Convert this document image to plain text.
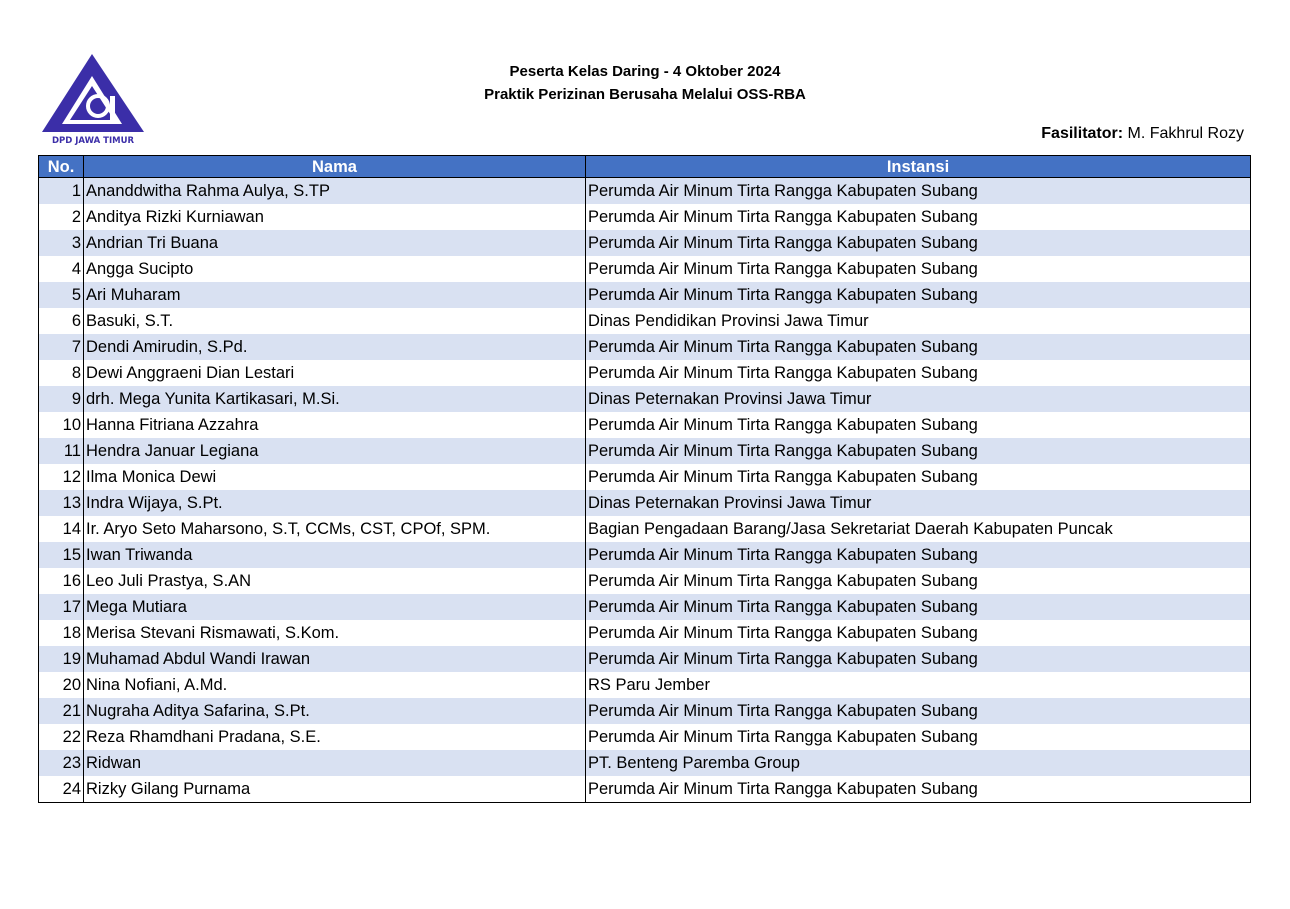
DPD JAWA TIMUR
Peserta Kelas Daring - 4 Oktober 2024
Praktik Perizinan Berusaha Melalui OSS-RBA
Fasilitator: M. Fakhrul Rozy
No.	Nama	Instansi
1	Ananddwitha Rahma Aulya, S.TP	Perumda Air Minum Tirta Rangga Kabupaten Subang
2	Anditya Rizki Kurniawan	Perumda Air Minum Tirta Rangga Kabupaten Subang
3	Andrian Tri Buana	Perumda Air Minum Tirta Rangga Kabupaten Subang
4	Angga Sucipto	Perumda Air Minum Tirta Rangga Kabupaten Subang
5	Ari Muharam	Perumda Air Minum Tirta Rangga Kabupaten Subang
6	Basuki, S.T.	Dinas Pendidikan Provinsi Jawa Timur
7	Dendi Amirudin, S.Pd.	Perumda Air Minum Tirta Rangga Kabupaten Subang
8	Dewi Anggraeni Dian Lestari	Perumda Air Minum Tirta Rangga Kabupaten Subang
9	drh. Mega Yunita Kartikasari, M.Si.	Dinas Peternakan Provinsi Jawa Timur
10	Hanna Fitriana Azzahra	Perumda Air Minum Tirta Rangga Kabupaten Subang
11	Hendra Januar Legiana	Perumda Air Minum Tirta Rangga Kabupaten Subang
12	Ilma Monica Dewi	Perumda Air Minum Tirta Rangga Kabupaten Subang
13	Indra Wijaya, S.Pt.	Dinas Peternakan Provinsi Jawa Timur
14	Ir. Aryo Seto Maharsono, S.T, CCMs, CST, CPOf, SPM.	Bagian Pengadaan Barang/Jasa Sekretariat Daerah Kabupaten Puncak
15	Iwan Triwanda	Perumda Air Minum Tirta Rangga Kabupaten Subang
16	Leo Juli Prastya, S.AN	Perumda Air Minum Tirta Rangga Kabupaten Subang
17	Mega Mutiara	Perumda Air Minum Tirta Rangga Kabupaten Subang
18	Merisa Stevani Rismawati, S.Kom.	Perumda Air Minum Tirta Rangga Kabupaten Subang
19	Muhamad Abdul Wandi Irawan	Perumda Air Minum Tirta Rangga Kabupaten Subang
20	Nina Nofiani, A.Md.	RS Paru Jember
21	Nugraha Aditya Safarina, S.Pt.	Perumda Air Minum Tirta Rangga Kabupaten Subang
22	Reza Rhamdhani Pradana, S.E.	Perumda Air Minum Tirta Rangga Kabupaten Subang
23	Ridwan	PT. Benteng Paremba Group
24	Rizky Gilang Purnama	Perumda Air Minum Tirta Rangga Kabupaten Subang
